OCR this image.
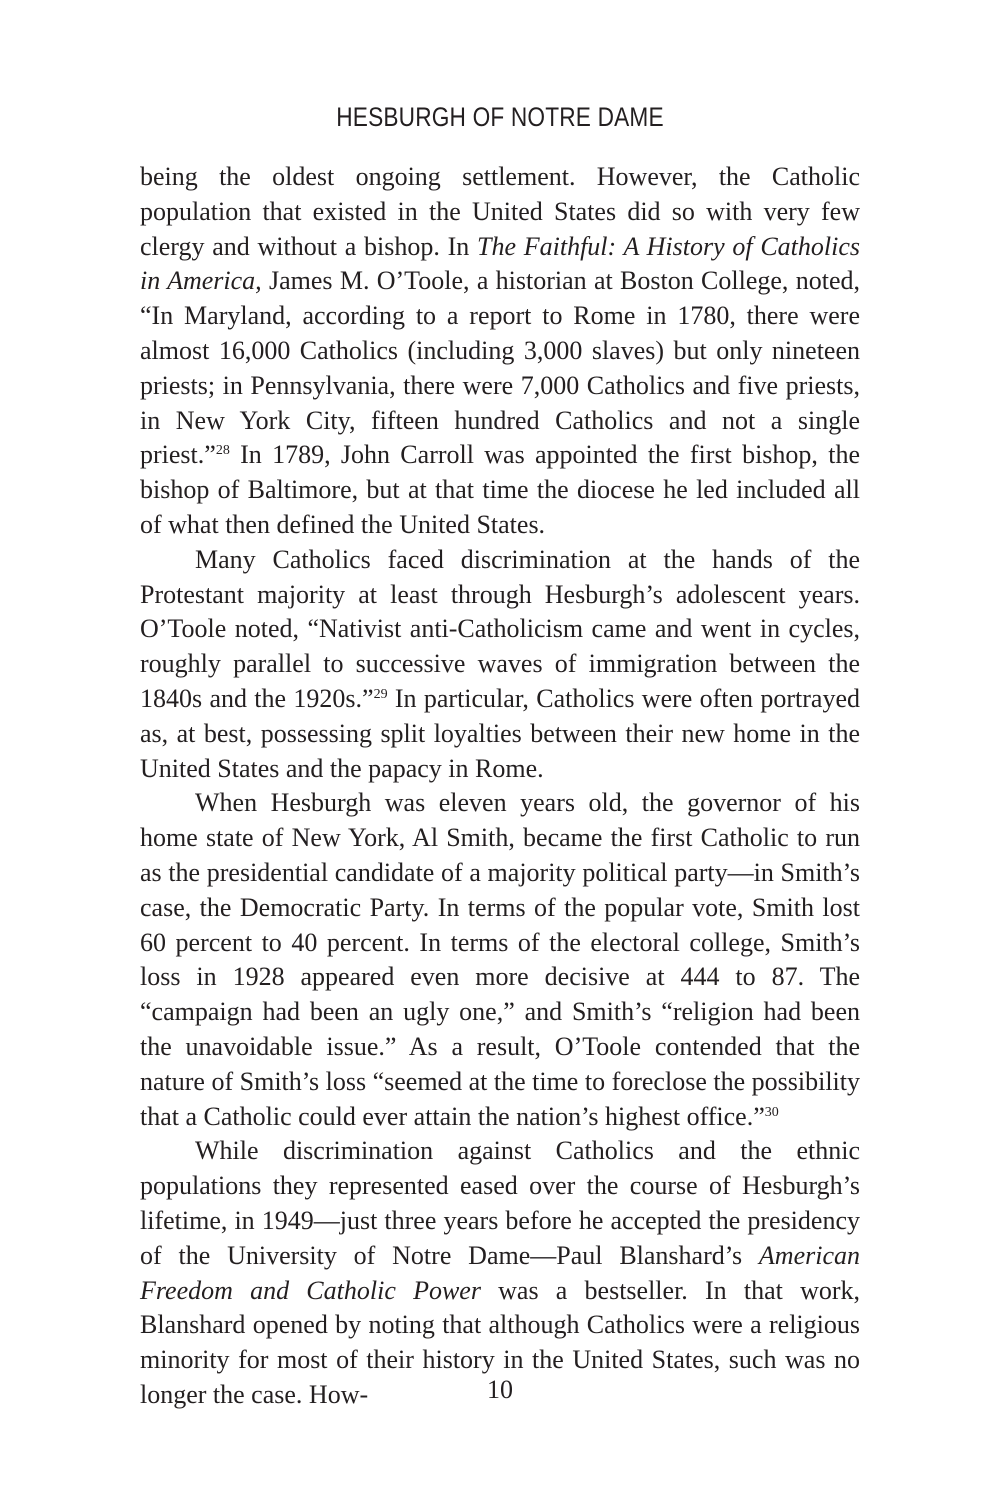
HESBURGH OF NOTRE DAME

being the oldest ongoing settlement. However, the Catholic population that existed in the United States did so with very few clergy and without a bishop. In The Faithful: A History of Catholics in America, James M. O’Toole, a historian at Boston College, noted, “In Maryland, according to a report to Rome in 1780, there were almost 16,000 Catholics (including 3,000 slaves) but only nineteen priests; in Pennsylvania, there were 7,000 Catholics and five priests, in New York City, fifteen hundred Catholics and not a single priest.”$^{28}$ In 1789, John Carroll was appointed the first bishop, the bishop of Baltimore, but at that time the diocese he led included all of what then defined the United States.

Many Catholics faced discrimination at the hands of the Protestant majority at least through Hesburgh’s adolescent years. O’Toole noted, “Nativist anti-Catholicism came and went in cycles, roughly parallel to successive waves of immigration between the 1840s and the 1920s.”$^{29}$ In particular, Catholics were often portrayed as, at best, possessing split loyalties between their new home in the United States and the papacy in Rome.

When Hesburgh was eleven years old, the governor of his home state of New York, Al Smith, became the first Catholic to run as the presidential candidate of a majority political party—in Smith’s case, the Democratic Party. In terms of the popular vote, Smith lost 60 percent to 40 percent. In terms of the electoral college, Smith’s loss in 1928 appeared even more decisive at 444 to 87. The “campaign had been an ugly one,” and Smith’s “religion had been the unavoidable issue.” As a result, O’Toole contended that the nature of Smith’s loss “seemed at the time to foreclose the possibility that a Catholic could ever attain the nation’s highest office.”$^{30}$

While discrimination against Catholics and the ethnic populations they represented eased over the course of Hesburgh’s lifetime, in 1949—just three years before he accepted the presidency of the University of Notre Dame—Paul Blanshard’s American Freedom and Catholic Power was a bestseller. In that work, Blanshard opened by noting that although Catholics were a religious minority for most of their history in the United States, such was no longer the case. How-	10
